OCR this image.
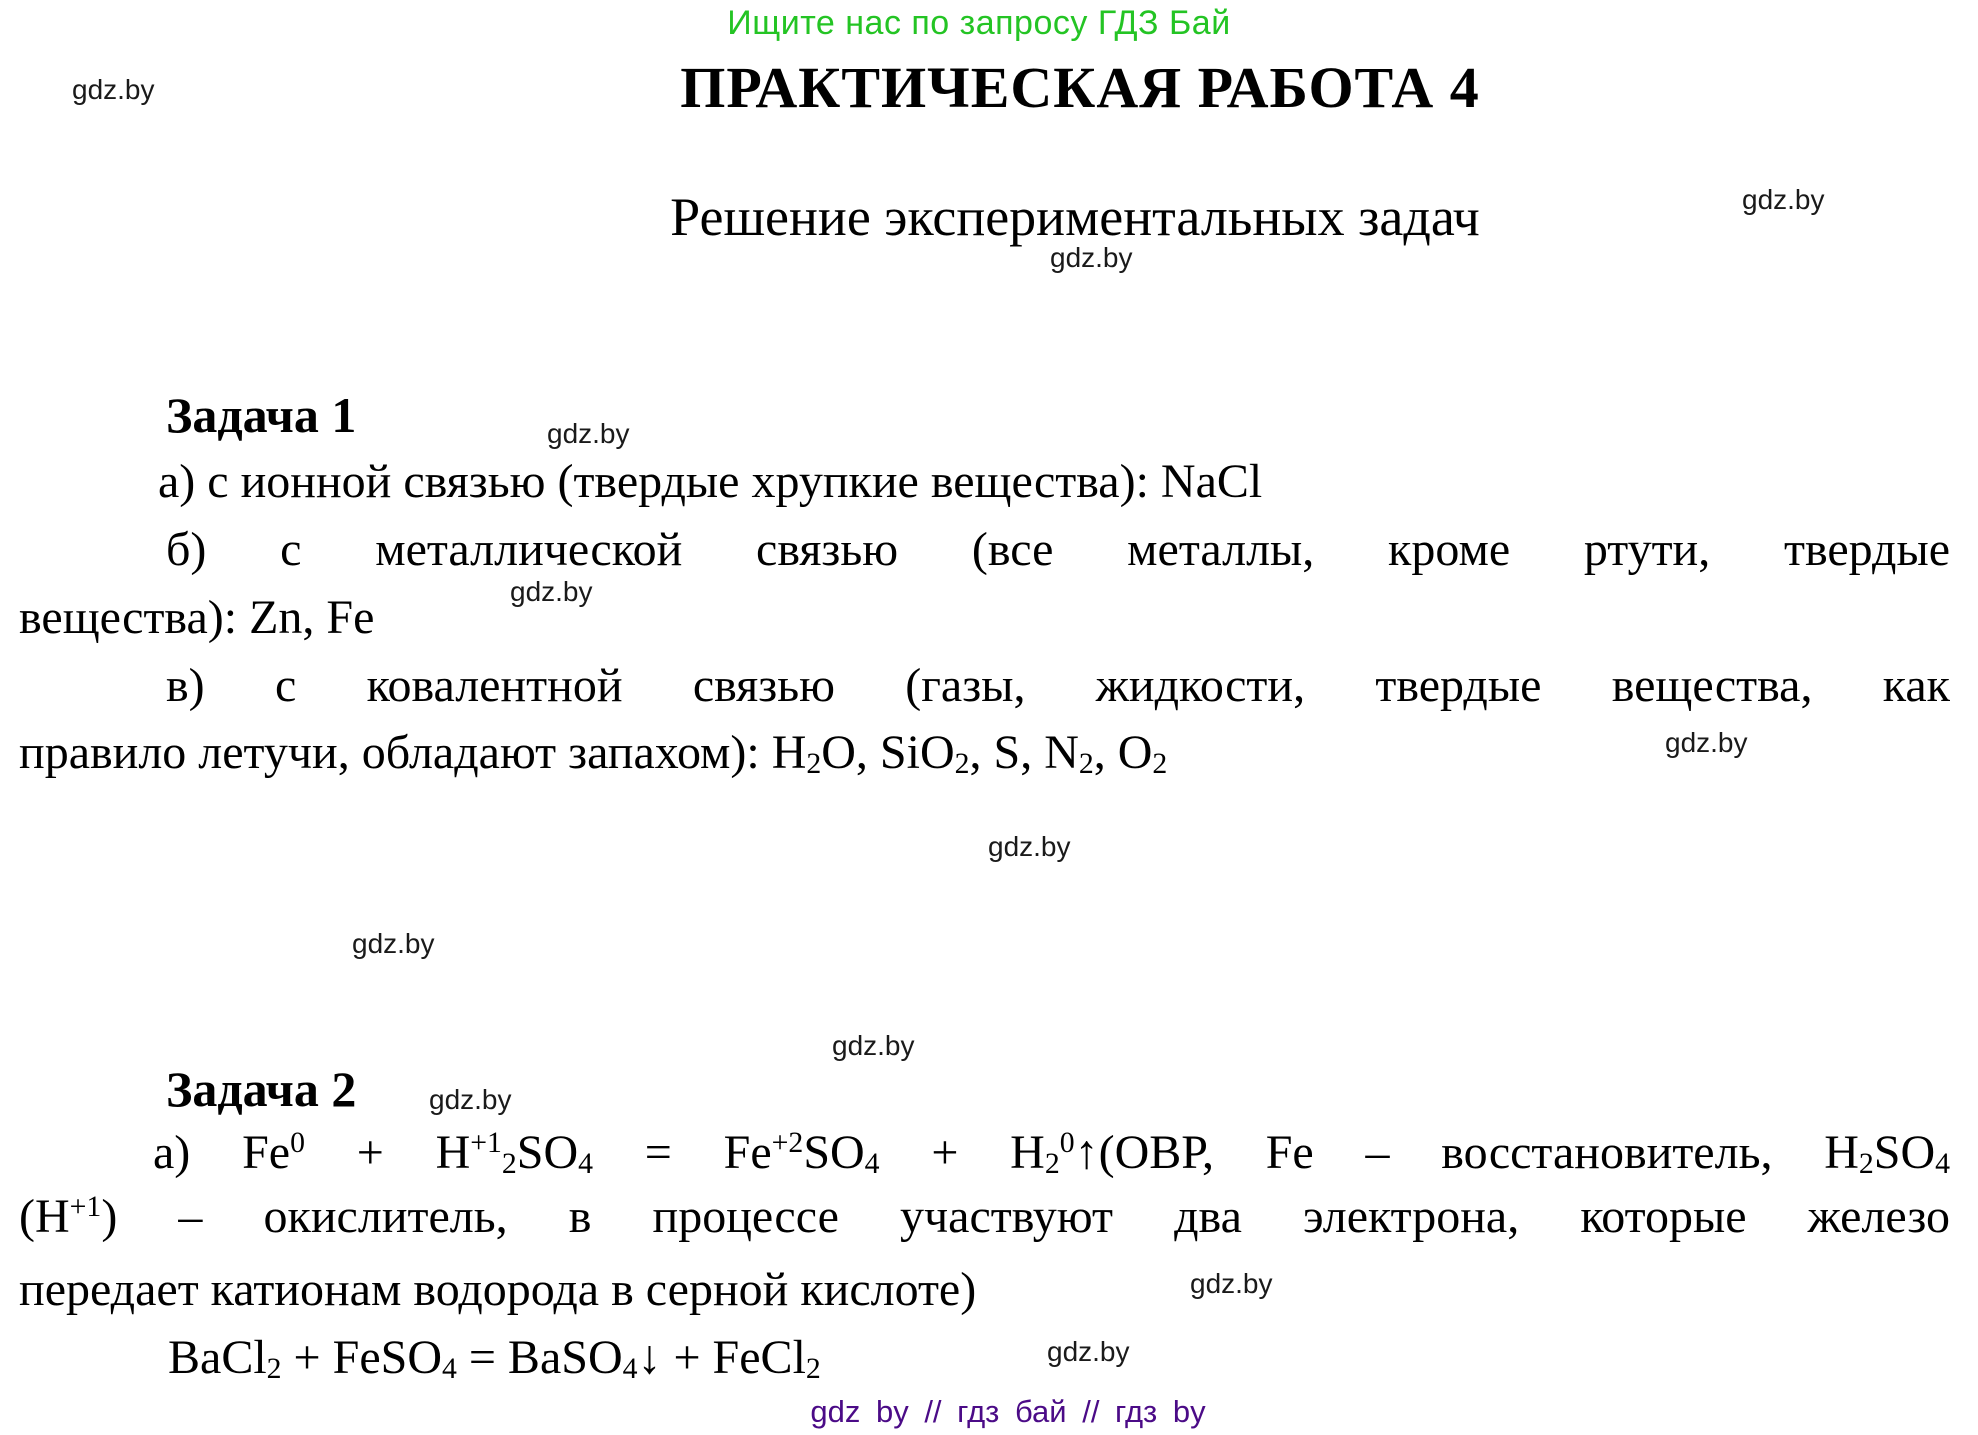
Ищите нас по запросу ГДЗ Бай
gdz.by
gdz.by
gdz.by
gdz.by
gdz.by
gdz.by
gdz.by
gdz.by
gdz.by
gdz.by
gdz.by
gdz.by
ПРАКТИЧЕСКАЯ РАБОТА 4
Решение экспериментальных задач
Задача 1
а) с ионной связью (твердые хрупкие вещества): NaCl
б) с металлической связью (все металлы, кроме ртути, твердые
вещества): Zn, Fe
в) с ковалентной связью (газы, жидкости, твердые вещества, как
правило летучи, обладают запахом): H2O, SiO2, S, N2, O2
Задача 2
а) $Fe^0 + H^{+1}2SO4 = Fe^{+2}SO4$ + $H2^0↑(ОВР$, Fe – восстановитель, H2SO4
$(H^{+1})$ – окислитель, в процессе участвуют два электрона, которые железо
передает катионам водорода в серной кислоте)
BaCl2 + FeSO4 = BaSO4↓ + FeCl2
gdz by // гдз бай // гдз by
